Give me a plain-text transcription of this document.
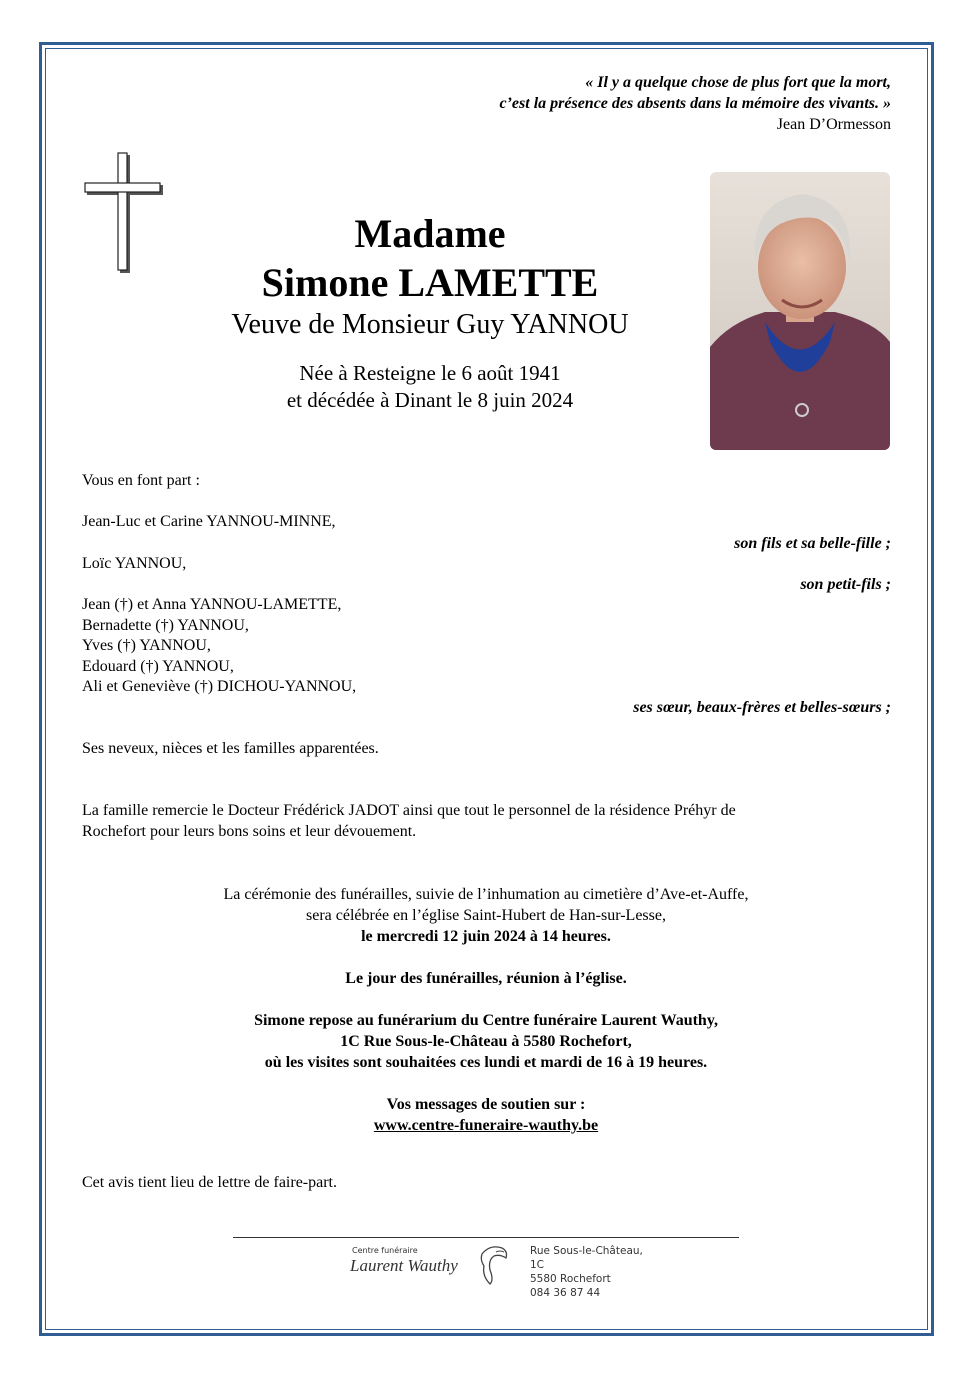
« Il y a quelque chose de plus fort que la mort,
c’est la présence des absents dans la mémoire des vivants. »
Jean D’Ormesson
Madame
Simone LAMETTE
Veuve de Monsieur Guy YANNOU
Née à Resteigne le 6 août 1941
et décédée à Dinant le 8 juin 2024
Vous en font part :
Jean-Luc et Carine YANNOU-MINNE,
son fils et sa belle-fille ;
Loïc YANNOU,
son petit-fils ;
Jean (†) et Anna YANNOU-LAMETTE,
Bernadette (†) YANNOU,
Yves (†) YANNOU,
Edouard (†) YANNOU,
Ali et Geneviève (†) DICHOU-YANNOU,
ses sœur, beaux-frères et belles-sœurs ;
Ses neveux, nièces et les familles apparentées.
La famille remercie le Docteur Frédérick JADOT ainsi que tout le personnel de la résidence Préhyr de
Rochefort pour leurs bons soins et leur dévouement.
La cérémonie des funérailles, suivie de l’inhumation au cimetière d’Ave-et-Auffe,
sera célébrée en l’église Saint-Hubert de Han-sur-Lesse,
le mercredi 12 juin 2024 à 14 heures.
Le jour des funérailles, réunion à l’église.
Simone repose au funérarium du Centre funéraire Laurent Wauthy,
1C Rue Sous-le-Château à 5580 Rochefort,
où les visites sont souhaitées ces lundi et mardi de 16 à 19 heures.
Vos messages de soutien sur :
www.centre-funeraire-wauthy.be
Cet avis tient lieu de lettre de faire-part.
Centre funéraire
Laurent Wauthy
Rue Sous-le-Château, 1C
5580 Rochefort
084 36 87 44
